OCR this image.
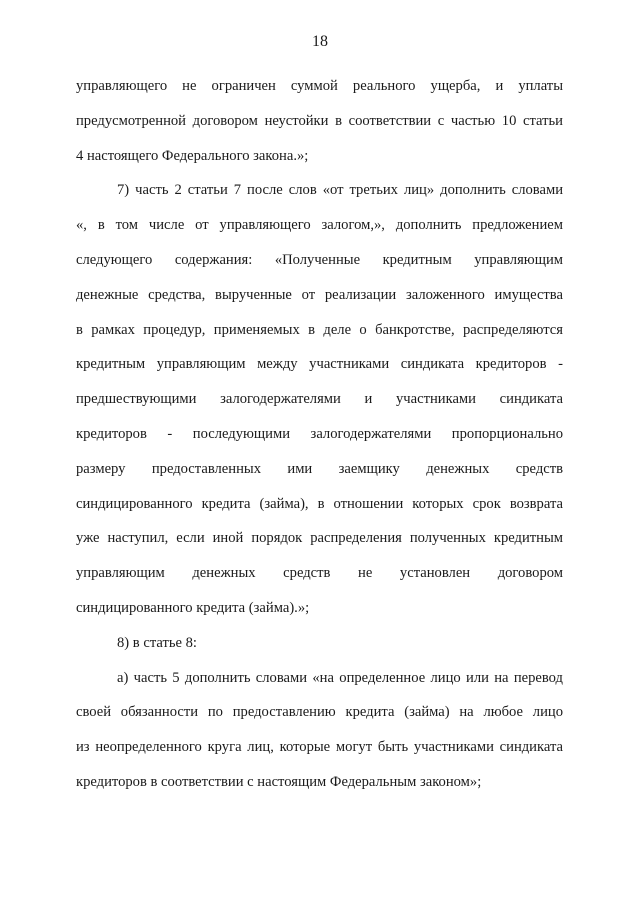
18
управляющего не ограничен суммой реального ущерба, и уплаты
предусмотренной договором неустойки в соответствии с частью 10 статьи
4 настоящего Федерального закона.»;
7) часть 2 статьи 7 после слов «от третьих лиц» дополнить словами
«, в том числе от управляющего залогом,», дополнить предложением
следующего содержания: «Полученные кредитным управляющим
денежные средства, вырученные от реализации заложенного имущества
в рамках процедур, применяемых в деле о банкротстве, распределяются
кредитным управляющим между участниками синдиката кредиторов -
предшествующими залогодержателями и участниками синдиката
кредиторов - последующими залогодержателями пропорционально
размеру предоставленных ими заемщику денежных средств
синдицированного кредита (займа), в отношении которых срок возврата
уже наступил, если иной порядок распределения полученных кредитным
управляющим денежных средств не установлен договором
синдицированного кредита (займа).»;
8) в статье 8:
а) часть 5 дополнить словами «на определенное лицо или на перевод
своей обязанности по предоставлению кредита (займа) на любое лицо
из неопределенного круга лиц, которые могут быть участниками синдиката
кредиторов в соответствии с настоящим Федеральным законом»;
